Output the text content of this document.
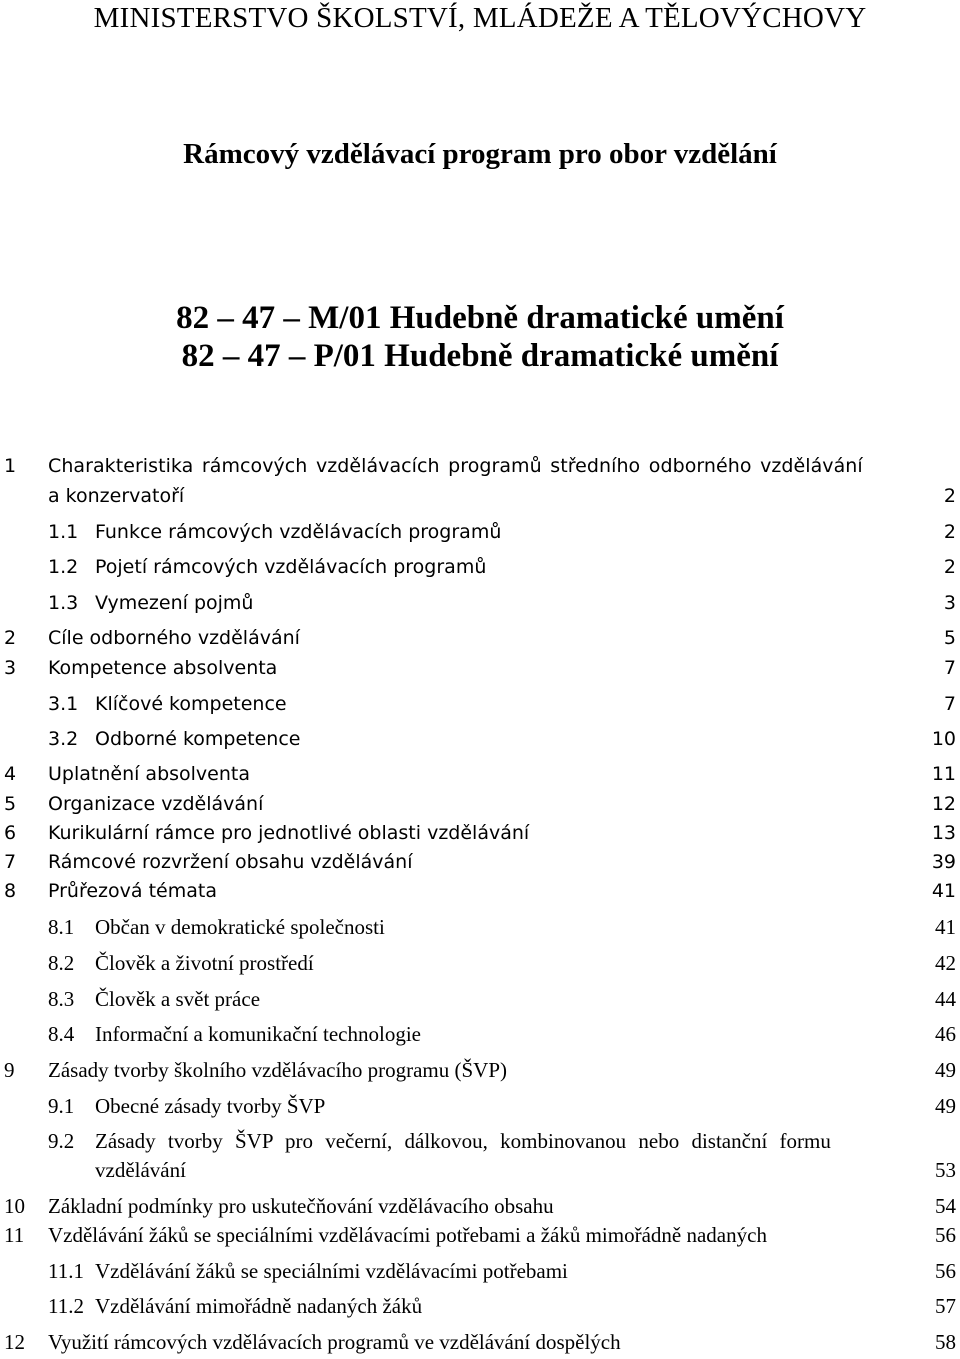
MINISTERSTVO ŠKOLSTVÍ, MLÁDEŽE A TĚLOVÝCHOVY
Rámcový vzdělávací program pro obor vzdělání
82 – 47 – M/01 Hudebně dramatické umění
82 – 47 – P/01 Hudebně dramatické umění
1 Charakteristika rámcových vzdělávacích programů středního odborného vzdělávání
a konzervatoří	2
1.1 Funkce rámcových vzdělávacích programů	2
1.2 Pojetí rámcových vzdělávacích programů	2
1.3 Vymezení pojmů	3
2 Cíle odborného vzdělávání	5
3 Kompetence absolventa	7
3.1 Klíčové kompetence	7
3.2 Odborné kompetence	10
4 Uplatnění absolventa	11
5 Organizace vzdělávání	12
6 Kurikulární rámce pro jednotlivé oblasti vzdělávání	13
7 Rámcové rozvržení obsahu vzdělávání	39
8 Průřezová témata	41
8.1 Občan v demokratické společnosti	41
8.2 Člověk a životní prostředí	42
8.3 Člověk a svět práce	44
8.4 Informační a komunikační technologie	46
9 Zásady tvorby školního vzdělávacího programu (ŠVP)	49
9.1 Obecné zásady tvorby ŠVP	49
9.2 Zásady tvorby ŠVP pro večerní, dálkovou, kombinovanou nebo distanční formu
vzdělávání	53
10 Základní podmínky pro uskutečňování vzdělávacího obsahu	54
11 Vzdělávání žáků se speciálními vzdělávacími potřebami a žáků mimořádně nadaných	56
11.1 Vzdělávání žáků se speciálními vzdělávacími potřebami	56
11.2 Vzdělávání mimořádně nadaných žáků	57
12 Využití rámcových vzdělávacích programů ve vzdělávání dospělých	58
